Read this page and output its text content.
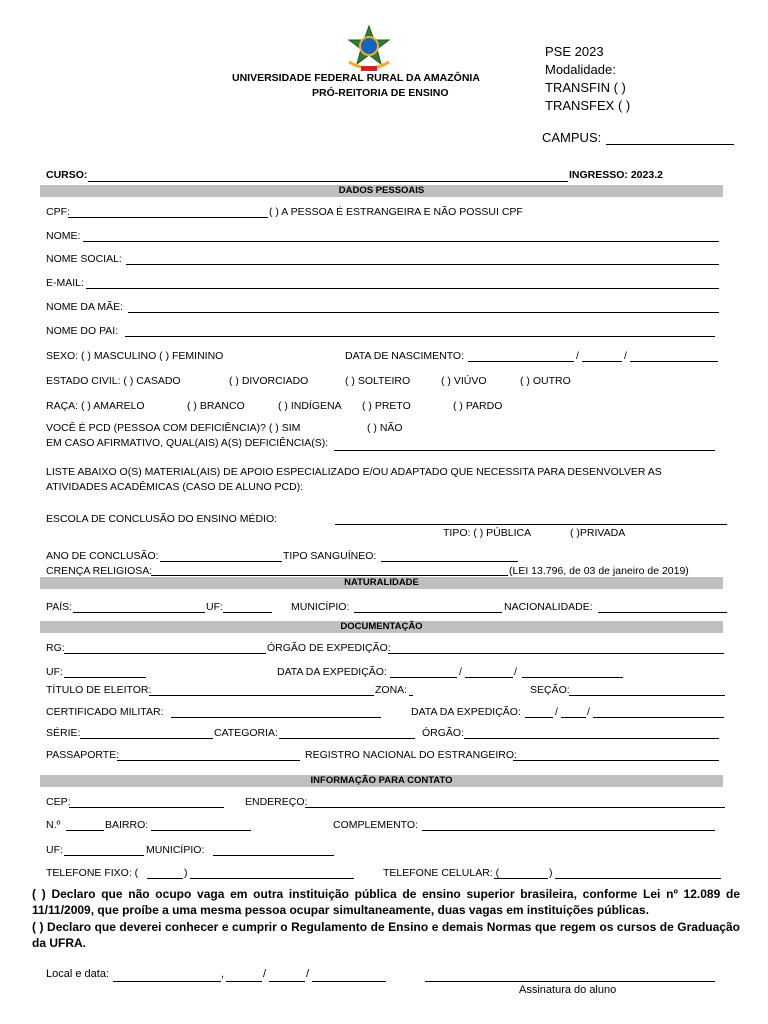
UNIVERSIDADE FEDERAL RURAL DA AMAZÔNIA
PRÓ-REITORIA DE ENSINO
PSE 2023
Modalidade:
TRANSFIN ( )
TRANSFEX ( )
CAMPUS:
CURSO:	INGRESSO: 2023.2
DADOS PESSOAIS
CPF:	( ) A PESSOA É ESTRANGEIRA E NÃO POSSUI CPF
NOME:
NOME SOCIAL:
E-MAIL:
NOME DA MÃE:
NOME DO PAI:
SEXO: ( ) MASCULINO ( ) FEMININO	DATA DE NASCIMENTO:	/	/
ESTADO CIVIL: ( ) CASADO	( ) DIVORCIADO	( ) SOLTEIRO	( ) VIÚVO	( ) OUTRO
RAÇA: ( ) AMARELO	( ) BRANCO	( ) INDÍGENA ( ) PRETO	( ) PARDO
VOCÊ É PCD (PESSOA COM DEFICIÊNCIA)? ( ) SIM	( ) NÃO
EM CASO AFIRMATIVO, QUAL(AIS) A(S) DEFICIÊNCIA(S):
LISTE ABAIXO O(S) MATERIAL(AIS) DE APOIO ESPECIALIZADO E/OU ADAPTADO QUE NECESSITA PARA DESENVOLVER AS
ATIVIDADES ACADÊMICAS (CASO DE ALUNO PCD):
ESCOLA DE CONCLUSÃO DO ENSINO MÉDIO:
TIPO: ( ) PÚBLICA	( )PRIVADA
ANO DE CONCLUSÃO:	TIPO SANGUÍNEO:
CRENÇA RELIGIOSA:	(LEI 13.796, de 03 de janeiro de 2019)
NATURALIDADE
PAÍS:	UF:	MUNICÍPIO:	NACIONALIDADE:
DOCUMENTAÇÃO
RG:	ÓRGÃO DE EXPEDIÇÃO:
UF:	DATA DA EXPEDIÇÃO:	/	/
TÍTULO DE ELEITOR:	ZONA:	SEÇÃO:
CERTIFICADO MILITAR:	DATA DA EXPEDIÇÃO:	/	/
SÉRIE:	CATEGORIA:	ÓRGÃO:
PASSAPORTE:	REGISTRO NACIONAL DO ESTRANGEIRO:
INFORMAÇÃO PARA CONTATO
CEP:	ENDEREÇO:
N.º	BAIRRO:	COMPLEMENTO:
UF:	MUNICÍPIO:
TELEFONE FIXO: (	)	TELEFONE CELULAR: (	)
( ) Declaro que não ocupo vaga em outra instituição pública de ensino superior brasileira, conforme Lei nº 12.089 de 11/11/2009, que proíbe a uma mesma pessoa ocupar simultaneamente, duas vagas em instituições públicas.
( ) Declaro que deverei conhecer e cumprir o Regulamento de Ensino e demais Normas que regem os cursos de Graduação da UFRA.
Local e data:	,	/	/
Assinatura do aluno
